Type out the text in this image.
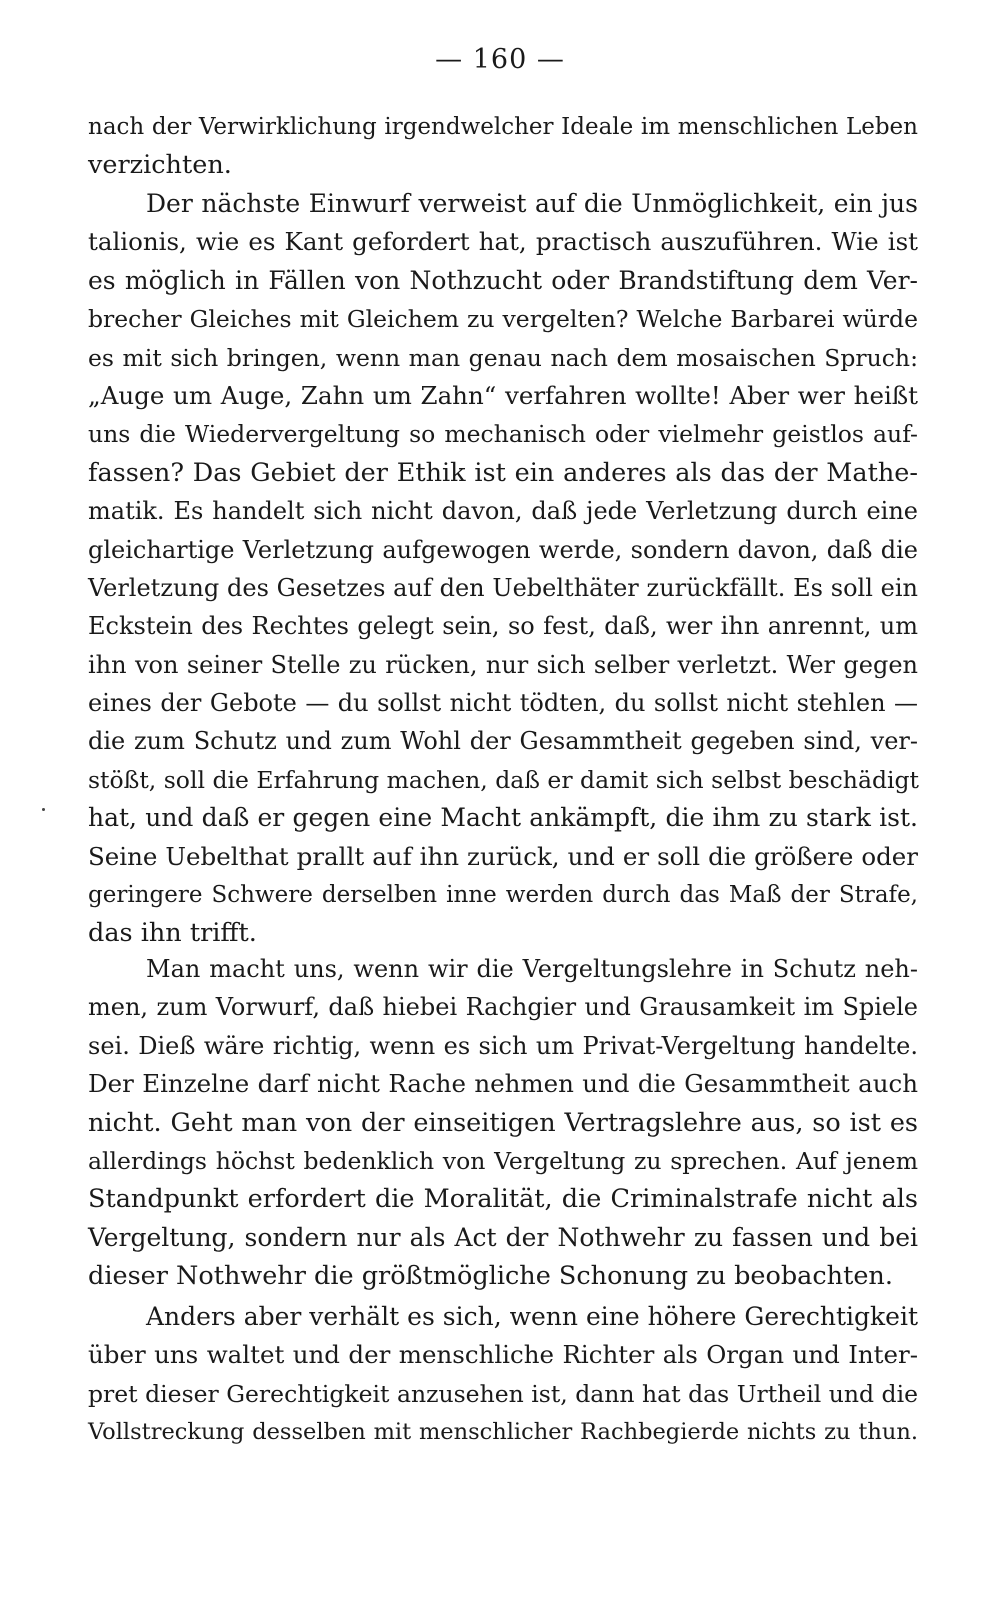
— 160 —
nach der Verwirklichung irgendwelcher Ideale im menschlichen Leben
verzichten.
Der nächste Einwurf verweist auf die Unmöglichkeit, ein jus
talionis, wie es Kant gefordert hat, practisch auszuführen. Wie ist
es möglich in Fällen von Nothzucht oder Brandstiftung dem Ver-
brecher Gleiches mit Gleichem zu vergelten? Welche Barbarei würde
es mit sich bringen, wenn man genau nach dem mosaischen Spruch:
„Auge um Auge, Zahn um Zahn“ verfahren wollte! Aber wer heißt
uns die Wiedervergeltung so mechanisch oder vielmehr geistlos auf-
fassen? Das Gebiet der Ethik ist ein anderes als das der Mathe-
matik. Es handelt sich nicht davon, daß jede Verletzung durch eine
gleichartige Verletzung aufgewogen werde, sondern davon, daß die
Verletzung des Gesetzes auf den Uebelthäter zurückfällt. Es soll ein
Eckstein des Rechtes gelegt sein, so fest, daß, wer ihn anrennt, um
ihn von seiner Stelle zu rücken, nur sich selber verletzt. Wer gegen
eines der Gebote — du sollst nicht tödten, du sollst nicht stehlen —
die zum Schutz und zum Wohl der Gesammtheit gegeben sind, ver-
stößt, soll die Erfahrung machen, daß er damit sich selbst beschädigt
hat, und daß er gegen eine Macht ankämpft, die ihm zu stark ist.
Seine Uebelthat prallt auf ihn zurück, und er soll die größere oder
geringere Schwere derselben inne werden durch das Maß der Strafe,
das ihn trifft.
Man macht uns, wenn wir die Vergeltungslehre in Schutz neh-
men, zum Vorwurf, daß hiebei Rachgier und Grausamkeit im Spiele
sei. Dieß wäre richtig, wenn es sich um Privat-Vergeltung handelte.
Der Einzelne darf nicht Rache nehmen und die Gesammtheit auch
nicht. Geht man von der einseitigen Vertragslehre aus, so ist es
allerdings höchst bedenklich von Vergeltung zu sprechen. Auf jenem
Standpunkt erfordert die Moralität, die Criminalstrafe nicht als
Vergeltung, sondern nur als Act der Nothwehr zu fassen und bei
dieser Nothwehr die größtmögliche Schonung zu beobachten.
Anders aber verhält es sich, wenn eine höhere Gerechtigkeit
über uns waltet und der menschliche Richter als Organ und Inter-
pret dieser Gerechtigkeit anzusehen ist, dann hat das Urtheil und die
Vollstreckung desselben mit menschlicher Rachbegierde nichts zu thun.
